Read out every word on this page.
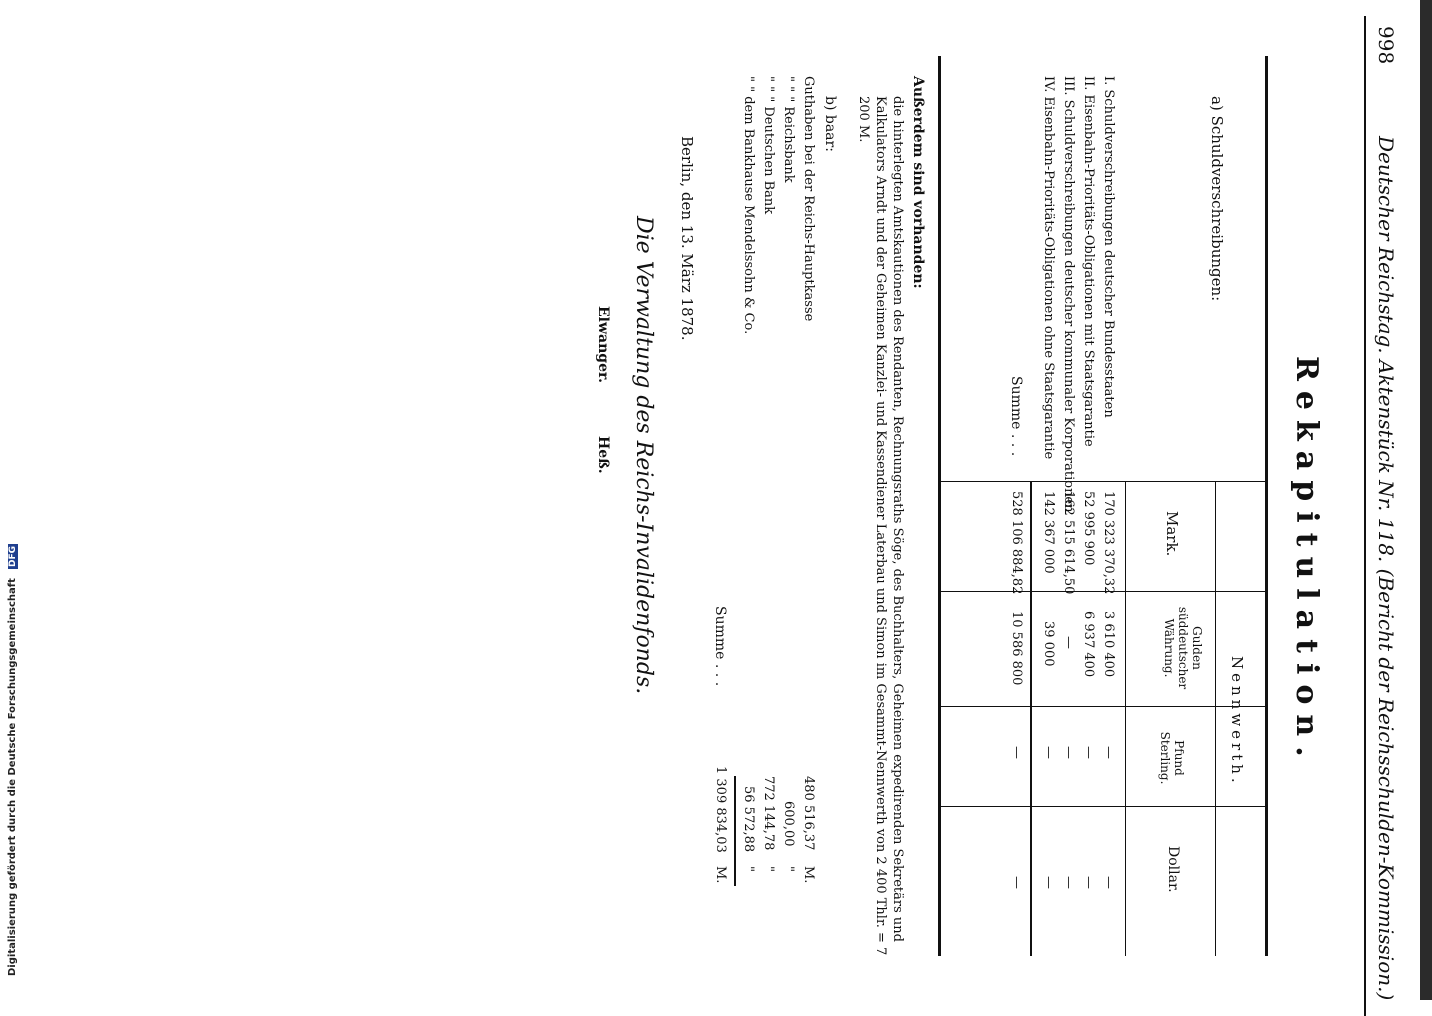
998
Deutscher Reichstag. Aktenstück Nr. 118. (Bericht der Reichsschulden-Kommission.)
Rekapitulation.
Nennwerth.
Mark.
Gulden süddeutscher Währung.
Pfund Sterling.
Dollar.
a) Schuldverschreibungen:
I. Schuldverschreibungen deutscher Bundesstaaten
II. Eisenbahn-Prioritäts-Obligationen mit Staatsgarantie
III. Schuldverschreibungen deutscher kommunaler Korporationen
IV. Eisenbahn-Prioritäts-Obligationen ohne Staatsgarantie
170 323 370,32
52 995 900
162 515 614,50
142 367 000
3 610 400
6 937 400
—
39 000
—
—
—
—
—
—
—
—
Summe . . .
528 106 884,82
10 586 800
—
—
Außerdem sind vorhanden:
die hinterlegten Amtskautionen des Rendanten, Rechnungsraths Söge, des Buchhalters, Geheimen expedirenden Sekretärs und Kalkulators Arndt und der Geheimen Kanzlei- und Kassendiener Laterbau und Simon im Gesammt-Nennwerth von 2 400 Thlr. = 7 200 M.
b) baar:
Guthaben bei der Reichs-Hauptkasse
" " " Reichsbank
" " " Deutschen Bank
" " dem Bankhause Mendelssohn & Co.
480 516,37
600,00
772 144,78
56 572,88
M.
"
"
"
Summe . . .
1 309 834,03
M.
Berlin, den 13. März 1878.
Die Verwaltung des Reichs-Invalidenfonds.
Elwanger.
Heß.
Digitalisierung gefördert durch die Deutsche Forschungsgemeinschaft DFG
